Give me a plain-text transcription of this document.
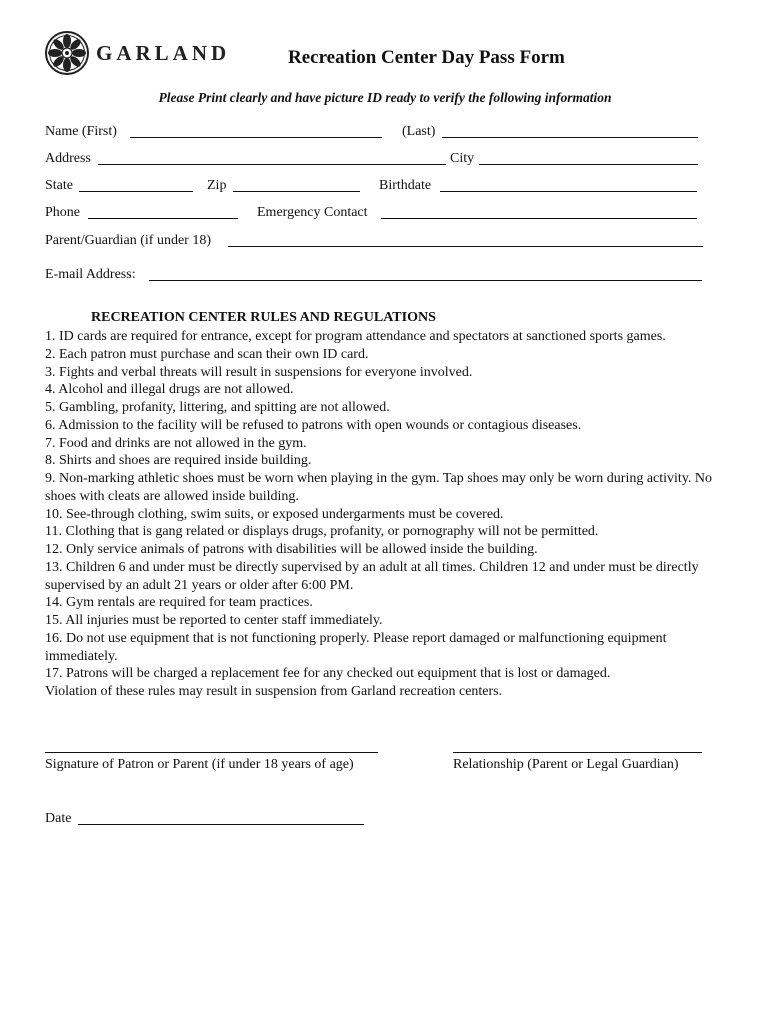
GARLAND	Recreation Center Day Pass Form
Please Print clearly and have picture ID ready to verify the following information
Name (First)	(Last)
Address	City
State	Zip	Birthdate
Phone	Emergency Contact
Parent/Guardian (if under 18)
E-mail Address:
RECREATION CENTER RULES AND REGULATIONS
1. ID cards are required for entrance, except for program attendance and spectators at sanctioned sports games.
2. Each patron must purchase and scan their own ID card.
3. Fights and verbal threats will result in suspensions for everyone involved.
4. Alcohol and illegal drugs are not allowed.
5. Gambling, profanity, littering, and spitting are not allowed.
6. Admission to the facility will be refused to patrons with open wounds or contagious diseases.
7. Food and drinks are not allowed in the gym.
8. Shirts and shoes are required inside building.
9. Non-marking athletic shoes must be worn when playing in the gym. Tap shoes may only be worn during activity. No shoes with cleats are allowed inside building.
10. See-through clothing, swim suits, or exposed undergarments must be covered.
11. Clothing that is gang related or displays drugs, profanity, or pornography will not be permitted.
12. Only service animals of patrons with disabilities will be allowed inside the building.
13. Children 6 and under must be directly supervised by an adult at all times. Children 12 and under must be directly supervised by an adult 21 years or older after 6:00 PM.
14. Gym rentals are required for team practices.
15. All injuries must be reported to center staff immediately.
16. Do not use equipment that is not functioning properly. Please report damaged or malfunctioning equipment immediately.
17. Patrons will be charged a replacement fee for any checked out equipment that is lost or damaged.
Violation of these rules may result in suspension from Garland recreation centers.
Signature of Patron or Parent (if under 18 years of age)	Relationship (Parent or Legal Guardian)
Date
